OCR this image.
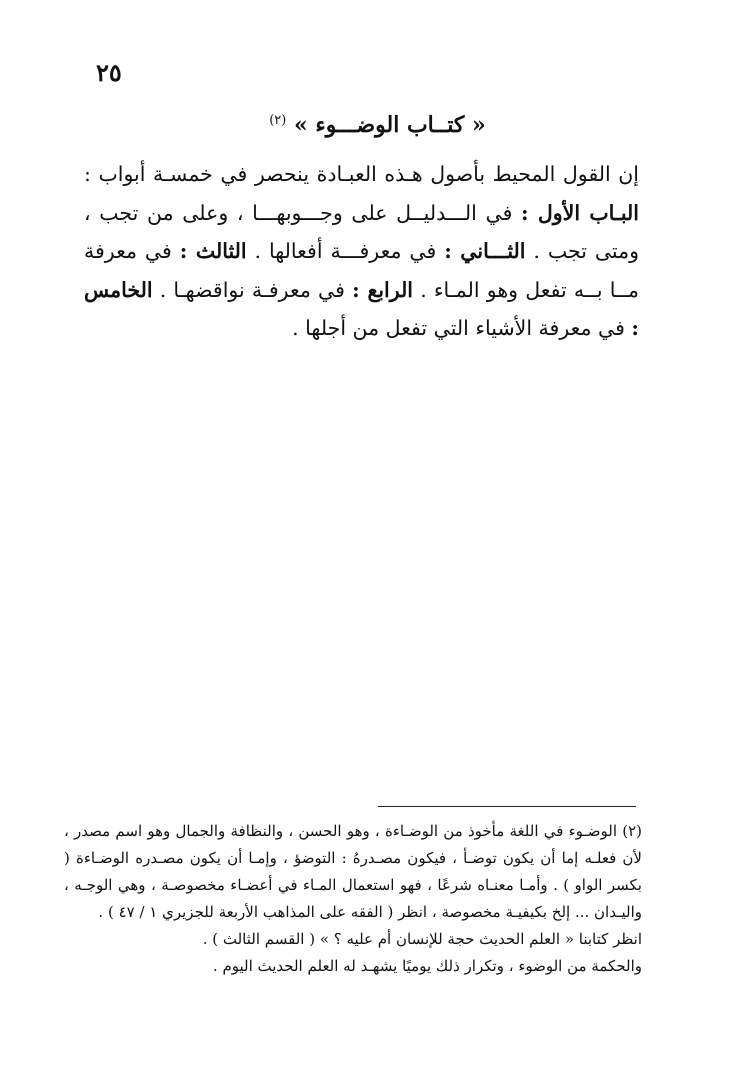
٢٥
« كتــاب الوضـــوء » $^{(٢)}$
إن القول المحيط بأصول هـذه العبـادة ينحصر في خمسـة أبواب : البـاب الأول : في الـــدليــل على وجـــوبهـــا ، وعلى من تجب ، ومتى تجب . الثـــاني : في معرفـــة أفعالها . الثالث : في معرفة مــا بــه تفعل وهو المـاء . الرابع : في معرفـة نواقضهـا . الخامس : في معرفة الأشياء التي تفعل من أجلها .

(٢) الوضـوء في اللغة مأخوذ من الوضـاءة ، وهو الحسن ، والنظافة والجمال وهو اسم مصدر ، لأن فعلـه إما أن يكون توضـأ ، فيكون مصـدرهُ : التوضؤ ، وإمـا أن يكون مصـدره الوضـاءة ( بكسر الواو ) . وأمـا معنـاه شرعًا ، فهو استعمال المـاء في أعضـاء مخصوصـة ، وهي الوجـه ، واليـدان ... إلخ بكيفيـة مخصوصة ، انظر ( الفقه على المذاهب الأربعة للجزيري ١ / ٤٧ ) .

انظر كتابنا « العلم الحديث حجة للإنسان أم عليه ؟ » ( القسم الثالث ) .

والحكمة من الوضوء ، وتكرار ذلك يوميًا يشهـد له العلم الحديث اليوم .
